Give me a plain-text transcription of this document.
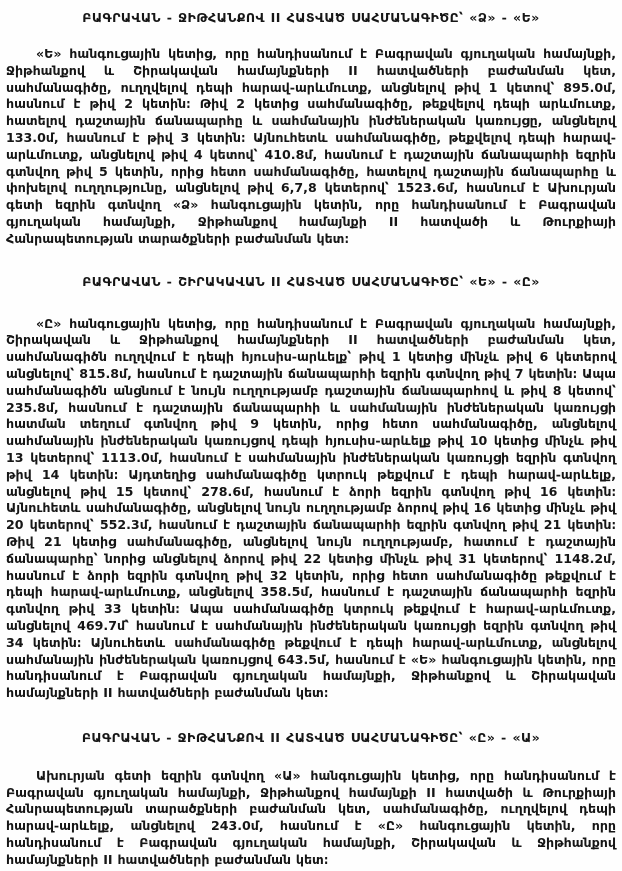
ԲԱԳՐԱՎԱՆ - ՋԻԹՀԱՆՔՈՎ II ՀԱՏՎԱԾ ՍԱՀՄԱՆԱԳԻԾԸ՝ «Ձ» - «Ե»

«Ե» հանգուցային կետից, որը հանդիսանում է Բագրավան գյուղական համայնքի, Ջիթհանքով և Շիրակավան համայնքների II հատվածների բաժանման կետ, սահմանագիծը, ուղղվելով դեպի հարավ-արևմուտք, անցնելով թիվ 1 կետով՝ 895.0մ, հասնում է թիվ 2 կետին։ Թիվ 2 կետից սահմանագիծը, թեքվելով դեպի արևմուտք, հատելով դաշտային ճանապարհը և սահմանային ինժեներական կառույցը, անցնելով 133.0մ, հասնում է թիվ 3 կետին։ Այնուհետև սահմանագիծը, թեքվելով դեպի հարավ-արևմուտք, անցնելով թիվ 4 կետով՝ 410.8մ, հասնում է դաշտային ճանապարհի եզրին գտնվող թիվ 5 կետին, որից հետո սահմանագիծը, հատելով դաշտային ճանապարհը և փոխելով ուղղությունը, անցնելով թիվ 6,7,8 կետերով՝ 1523.6մ, հասնում է Ախուրյան գետի եզրին գտնվող «Ձ» հանգուցային կետին, որը հանդիսանում է Բագրավան գյուղական համայնքի, Ջիթհանքով համայնքի II հատվածի և Թուրքիայի Հանրապետության տարածքների բաժանման կետ։

ԲԱԳՐԱՎԱՆ - ՇԻՐԱԿԱՎԱՆ II ՀԱՏՎԱԾ ՍԱՀՄԱՆԱԳԻԾԸ՝ «Ե» - «Ը»

«Ը» հանգուցային կետից, որը հանդիսանում է Բագրավան գյուղական համայնքի, Շիրակավան և Ջիթհանքով համայնքների II հատվածների բաժանման կետ, սահմանագիծն ուղղվում է դեպի հյուսիս-արևելք՝ թիվ 1 կետից մինչև թիվ 6 կետերով անցնելով՝ 815.8մ, հասնում է դաշտային ճանապարհի եզրին գտնվող թիվ 7 կետին։ Ապա սահմանագիծն անցնում է նույն ուղղությամբ դաշտային ճանապարհով և թիվ 8 կետով՝ 235.8մ, հասնում է դաշտային ճանապարհի և սահմանային ինժեներական կառույցի հատման տեղում գտնվող թիվ 9 կետին, որից հետո սահմանագիծը, անցնելով սահմանային ինժեներական կառույցով դեպի հյուսիս-արևելք թիվ 10 կետից մինչև թիվ 13 կետերով՝ 1113.0մ, հասնում է սահմանային ինժեներական կառույցի եզրին գտնվող թիվ 14 կետին։ Այդտեղից սահմանագիծը կտրուկ թեքվում է դեպի հարավ-արևելք, անցնելով թիվ 15 կետով՝ 278.6մ, հասնում է ձորի եզրին գտնվող թիվ 16 կետին։ Այնուհետև սահմանագիծը, անցնելով նույն ուղղությամբ ձորով թիվ 16 կետից մինչև թիվ 20 կետերով՝ 552.3մ, հասնում է դաշտային ճանապարհի եզրին գտնվող թիվ 21 կետին։ Թիվ 21 կետից սահմանագիծը, անցնելով նույն ուղղությամբ, հատում է դաշտային ճանապարհը՝ նորից անցնելով ձորով թիվ 22 կետից մինչև թիվ 31 կետերով՝ 1148.2մ, հասնում է ձորի եզրին գտնվող թիվ 32 կետին, որից հետո սահմանագիծը թեքվում է դեպի հարավ-արևմուտք, անցնելով 358.5մ, հասնում է դաշտային ճանապարհի եզրին գտնվող թիվ 33 կետին։ Ապա սահմանագիծը կտրուկ թեքվում է հարավ-արևմուտք, անցնելով 469.7մ՝ հասնում է սահմանային ինժեներական կառույցի եզրին գտնվող թիվ 34 կետին։ Այնուհետև սահմանագիծը թեքվում է դեպի հարավ-արևմուտք, անցնելով սահմանային ինժեներական կառույցով 643.5մ, հասնում է «Ե» հանգուցային կետին, որը հանդիսանում է Բագրավան գյուղական համայնքի, Ջիթհանքով և Շիրակավան համայնքների II հատվածների բաժանման կետ։

ԲԱԳՐԱՎԱՆ - ՋԻԹՀԱՆՔՈՎ II ՀԱՏՎԱԾ ՍԱՀՄԱՆԱԳԻԾԸ՝ «Ը» - «Ա»

Ախուրյան գետի եզրին գտնվող «Ա» հանգուցային կետից, որը հանդիսանում է Բագրավան գյուղական համայնքի, Ջիթհանքով համայնքի II հատվածի և Թուրքիայի Հանրապետության տարածքների բաժանման կետ, սահմանագիծը, ուղղվելով դեպի հարավ-արևելք, անցնելով 243.0մ, հասնում է «Ը» հանգուցային կետին, որը հանդիսանում է Բագրավան գյուղական համայնքի, Շիրակավան և Ջիթհանքով համայնքների II հատվածների բաժանման կետ։
